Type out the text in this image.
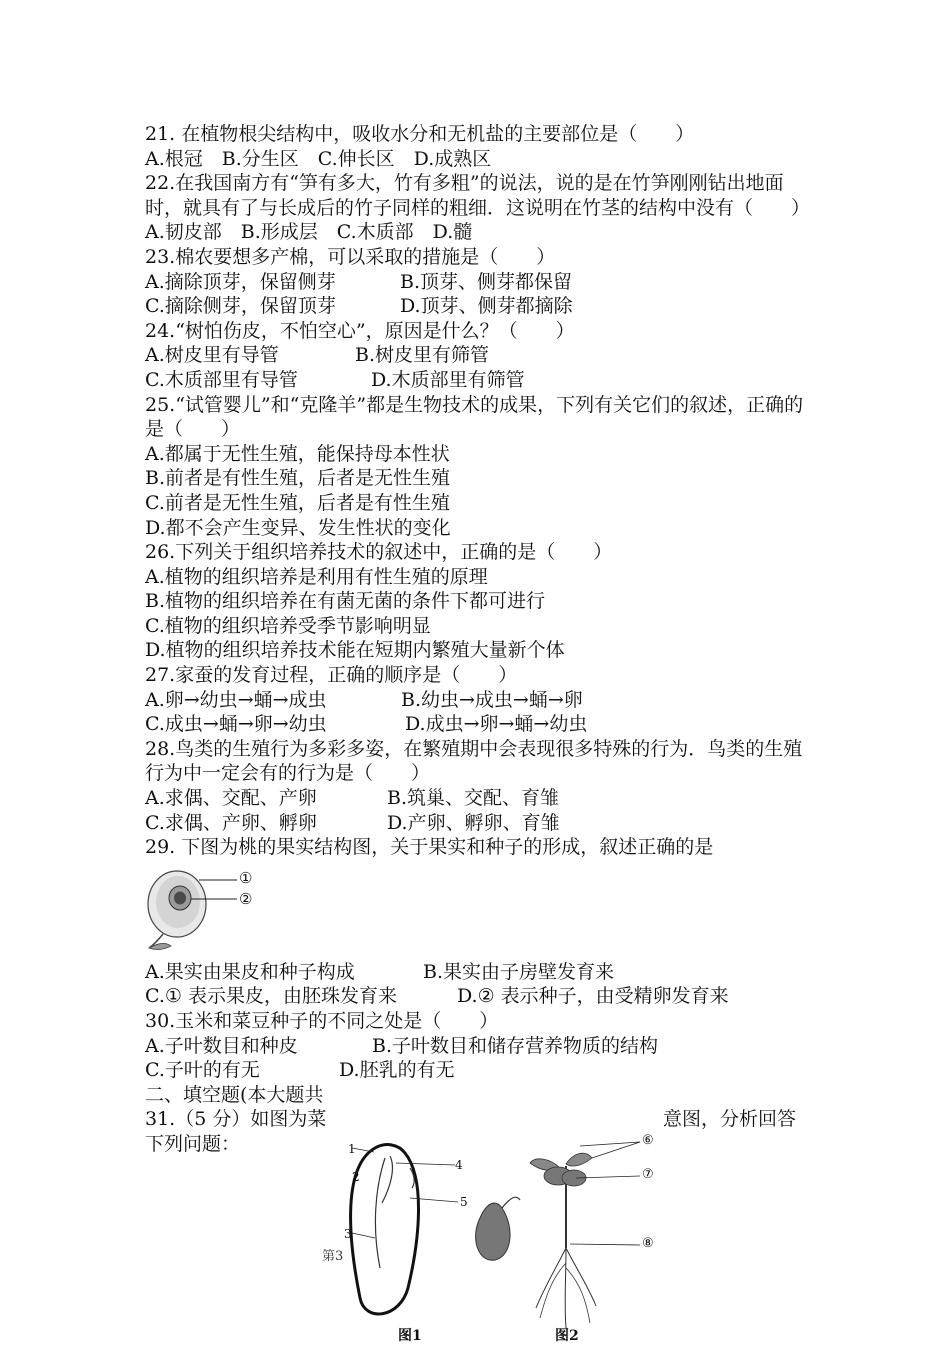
21. 在植物根尖结构中，吸收水分和无机盐的主要部位是（　　）
A.根冠　B.分生区　C.伸长区　D.成熟区
22.在我国南方有“笋有多大，竹有多粗”的说法，说的是在竹笋刚刚钻出地面时，就具有了与长成后的竹子同样的粗细．这说明在竹茎的结构中没有（　　）
A.韧皮部　B.形成层　C.木质部　D.髓
23.棉农要想多产棉，可以采取的措施是（　　）
A.摘除顶芽，保留侧芽	B.顶芽、侧芽都保留
C.摘除侧芽，保留顶芽	D.顶芽、侧芽都摘除
24.“树怕伤皮，不怕空心”，原因是什么？（　　）
A.树皮里有导管	B.树皮里有筛管
C.木质部里有导管	D.木质部里有筛管
25.“试管婴儿”和“克隆羊”都是生物技术的成果，下列有关它们的叙述，正确的是（　　）
A.都属于无性生殖，能保持母本性状
B.前者是有性生殖，后者是无性生殖
C.前者是无性生殖，后者是有性生殖
D.都不会产生变异、发生性状的变化
26.下列关于组织培养技术的叙述中，正确的是（　　）
A.植物的组织培养是利用有性生殖的原理
B.植物的组织培养在有菌无菌的条件下都可进行
C.植物的组织培养受季节影响明显
D.植物的组织培养技术能在短期内繁殖大量新个体
27.家蚕的发育过程，正确的顺序是（　　）
A.卵→幼虫→蛹→成虫	B.幼虫→成虫→蛹→卵
C.成虫→蛹→卵→幼虫	D.成虫→卵→蛹→幼虫
28.鸟类的生殖行为多彩多姿，在繁殖期中会表现很多特殊的行为．鸟类的生殖行为中一定会有的行为是（　　）
A.求偶、交配、产卵	B.筑巢、交配、育雏
C.求偶、产卵、孵卵	D.产卵、孵卵、育雏
29. 下图为桃的果实结构图，关于果实和种子的形成，叙述正确的是
①
②
A.果实由果皮和种子构成	B.果实由子房壁发育来
C.① 表示果皮，由胚珠发育来	D.② 表示种子，由受精卵发育来
30.玉米和菜豆种子的不同之处是（　　）
A.子叶数目和种皮	B.子叶数目和储存营养物质的结构
C.子叶的有无	D.胚乳的有无
二、填空题(本大题共
31.（5 分）如图为菜	意图，分析回答
下列问题：
第3
1
4
5
3
2
⑥
⑦
⑧
图1	图2
